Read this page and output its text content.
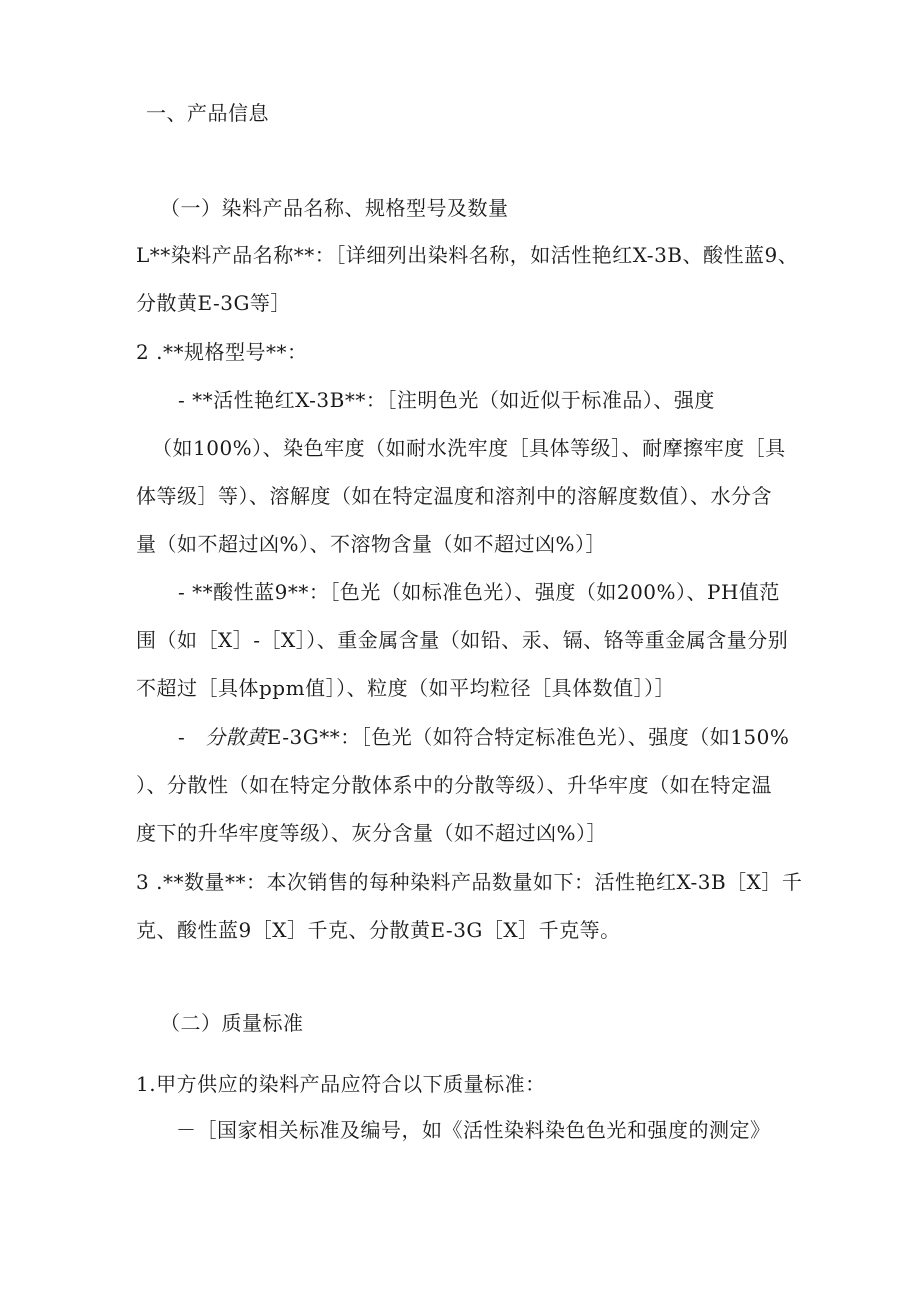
一、产品信息
（一）染料产品名称、规格型号及数量
L**染料产品名称**：［详细列出染料名称，如活性艳红X-3B、酸性蓝9、
分散黄E-3G等］
2 .**规格型号**：
- **活性艳红X-3B**：［注明色光（如近似于标准品）、强度
（如100%）、染色牢度（如耐水洗牢度［具体等级］、耐摩擦牢度［具
体等级］等）、溶解度（如在特定温度和溶剂中的溶解度数值）、水分含
量（如不超过凶%）、不溶物含量（如不超过凶%）］
- **酸性蓝9**：［色光（如标准色光）、强度（如200%）、PH值范
围（如［X］-［X］）、重金属含量（如铅、汞、镉、铬等重金属含量分别
不超过［具体ppm值］）、粒度（如平均粒径［具体数值］）］
- 分散黄E-3G**：［色光（如符合特定标准色光）、强度（如150%
）、分散性（如在特定分散体系中的分散等级）、升华牢度（如在特定温
度下的升华牢度等级）、灰分含量（如不超过凶%）］
3 .**数量**：本次销售的每种染料产品数量如下：活性艳红X-3B［X］千
克、酸性蓝9［X］千克、分散黄E-3G［X］千克等。
（二）质量标准
1.甲方供应的染料产品应符合以下质量标准：
－［国家相关标准及编号，如《活性染料染色色光和强度的测定》
